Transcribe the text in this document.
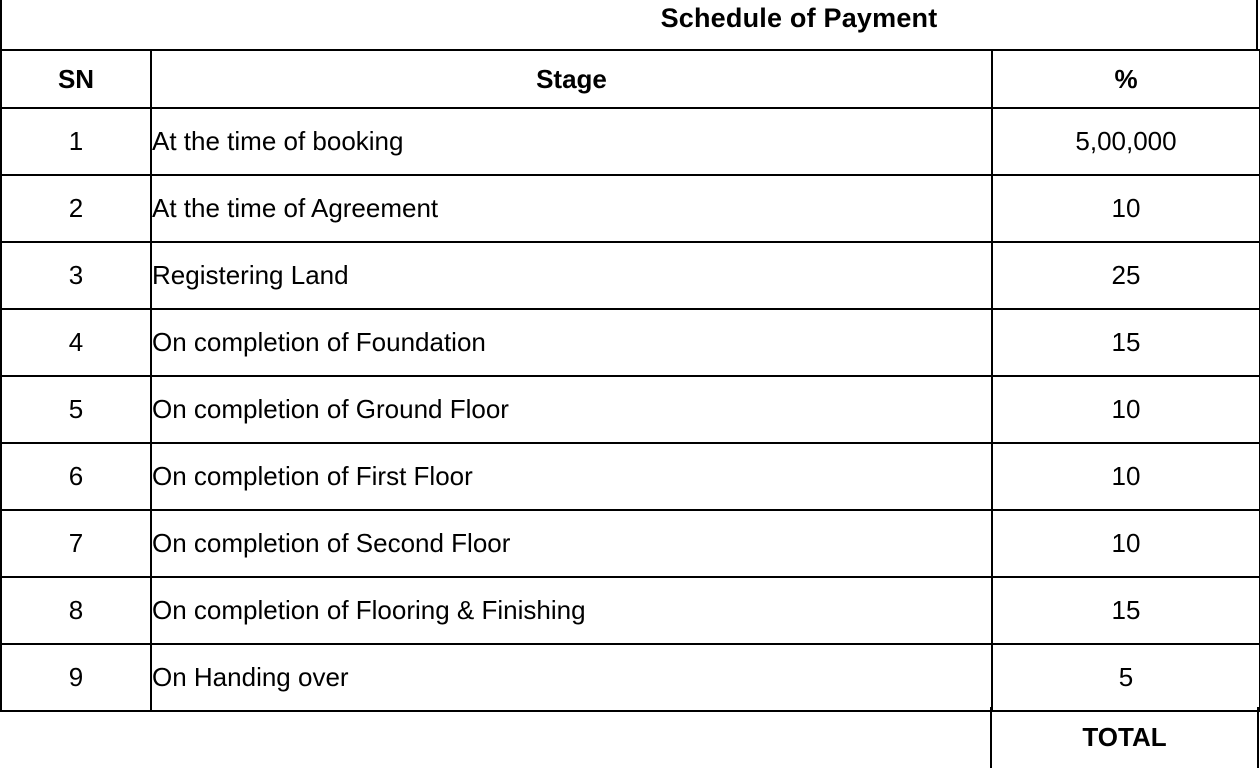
Schedule of Payment
SN	Stage	%
1	At the time of booking	5,00,000
2	At the time of Agreement	10
3	Registering Land	25
4	On completion of Foundation	15
5	On completion of Ground Floor	10
6	On completion of First Floor	10
7	On completion of Second Floor	10
8	On completion of Flooring & Finishing	15
9	On Handing over	5
TOTAL
